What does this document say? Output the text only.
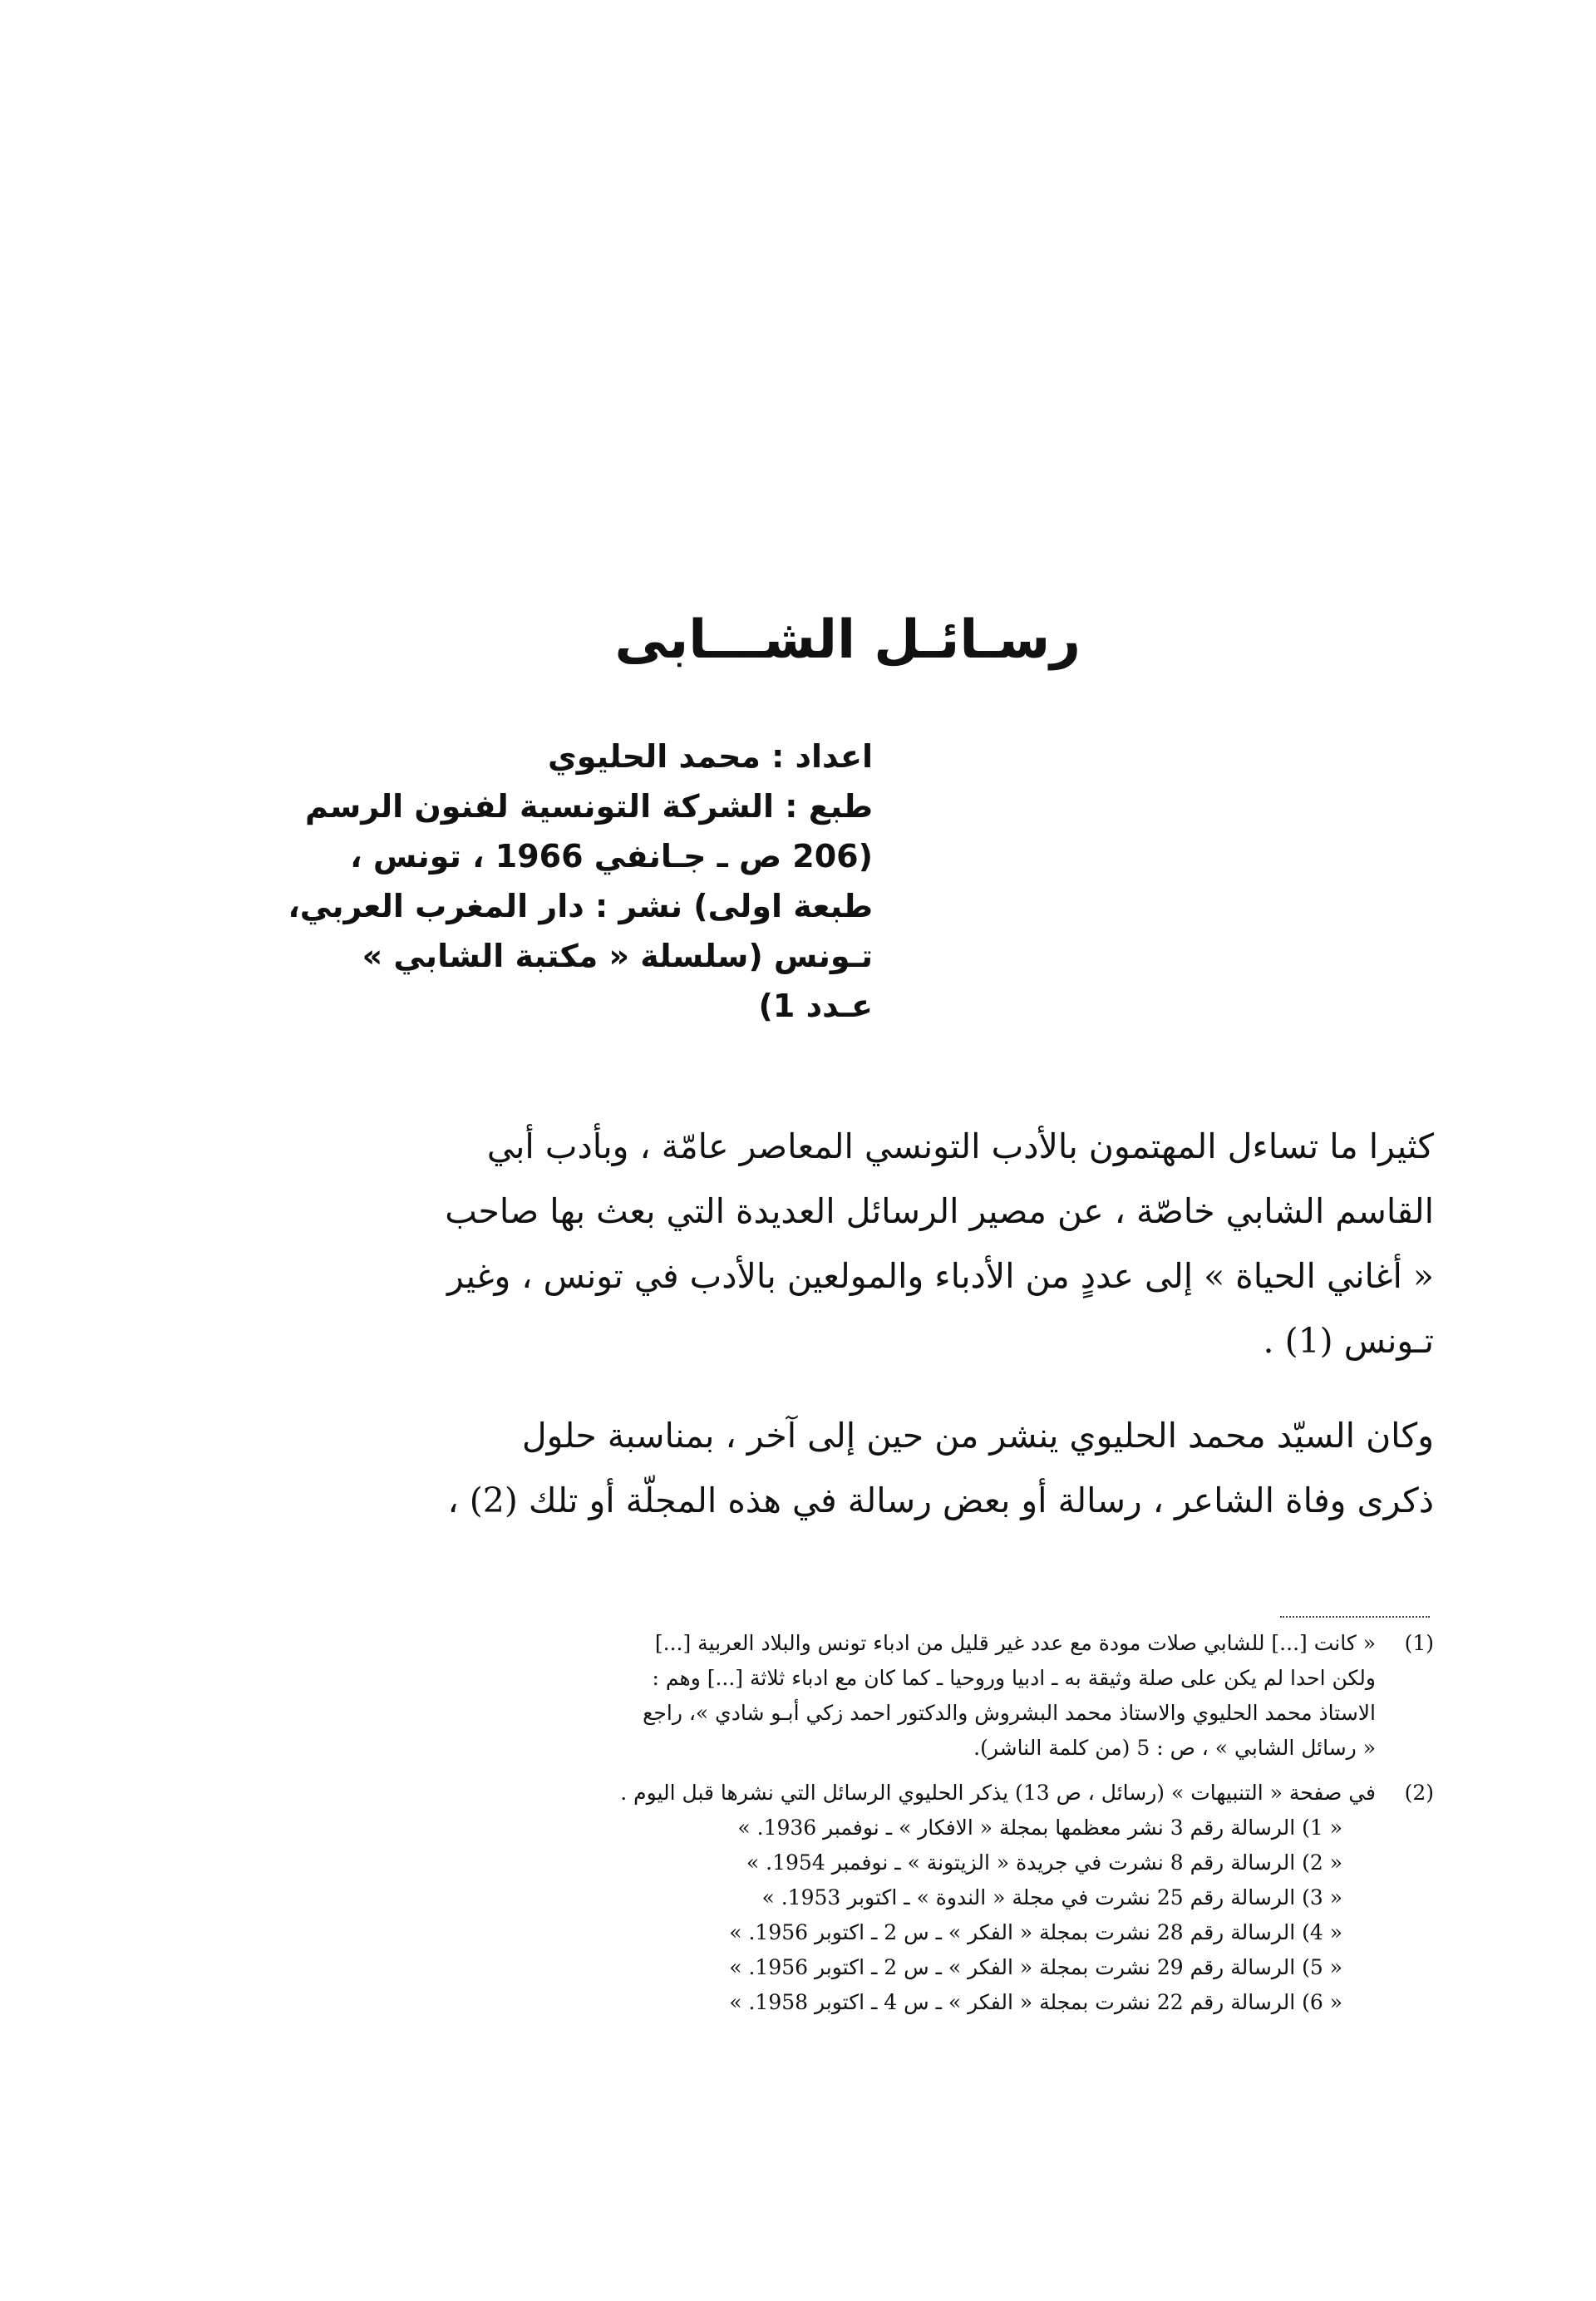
رسـائـل الشـــابى
اعداد : محمد الحليوي
طبع : الشركة التونسية لفنون الرسم
(206 ص ـ جـانفي 1966 ، تونس ،
طبعة اولى) نشر : دار المغرب العربي،
تـونس (سلسلة « مكتبة الشابي »
عـدد 1)
كثيرا ما تساءل المهتمون بالأدب التونسي المعاصر عامّة ، وبأدب أبي
القاسم الشابي خاصّة ، عن مصير الرسائل العديدة التي بعث بها صاحب
« أغاني الحياة » إلى عددٍ من الأدباء والمولعين بالأدب في تونس ، وغير
تـونس (1) .
وكان السيّد محمد الحليوي ينشر من حين إلى آخر ، بمناسبة حلول
ذكرى وفاة الشاعر ، رسالة أو بعض رسالة في هذه المجلّة أو تلك (2) ،
(1)
« كانت [...] للشابي صلات مودة مع عدد غير قليل من ادباء تونس والبلاد العربية [...]
ولكن احدا لم يكن على صلة وثيقة به ـ ادبيا وروحيا ـ كما كان مع ادباء ثلاثة [...] وهم :
الاستاذ محمد الحليوي والاستاذ محمد البشروش والدكتور احمد زكي أبـو شادي »، راجع
« رسائل الشابي » ، ص : 5 (من كلمة الناشر).
(2)
في صفحة « التنبيهات » (رسائل ، ص 13) يذكر الحليوي الرسائل التي نشرها قبل اليوم .
« 1) الرسالة رقم 3 نشر معظمها بمجلة « الافكار » ـ نوفمبر 1936. »
« 2) الرسالة رقم 8 نشرت في جريدة « الزيتونة » ـ نوفمبر 1954. »
« 3) الرسالة رقم 25 نشرت في مجلة « الندوة » ـ اكتوبر 1953. »
« 4) الرسالة رقم 28 نشرت بمجلة « الفكر » ـ س 2 ـ اكتوبر 1956. »
« 5) الرسالة رقم 29 نشرت بمجلة « الفكر » ـ س 2 ـ اكتوبر 1956. »
« 6) الرسالة رقم 22 نشرت بمجلة « الفكر » ـ س 4 ـ اكتوبر 1958. »
